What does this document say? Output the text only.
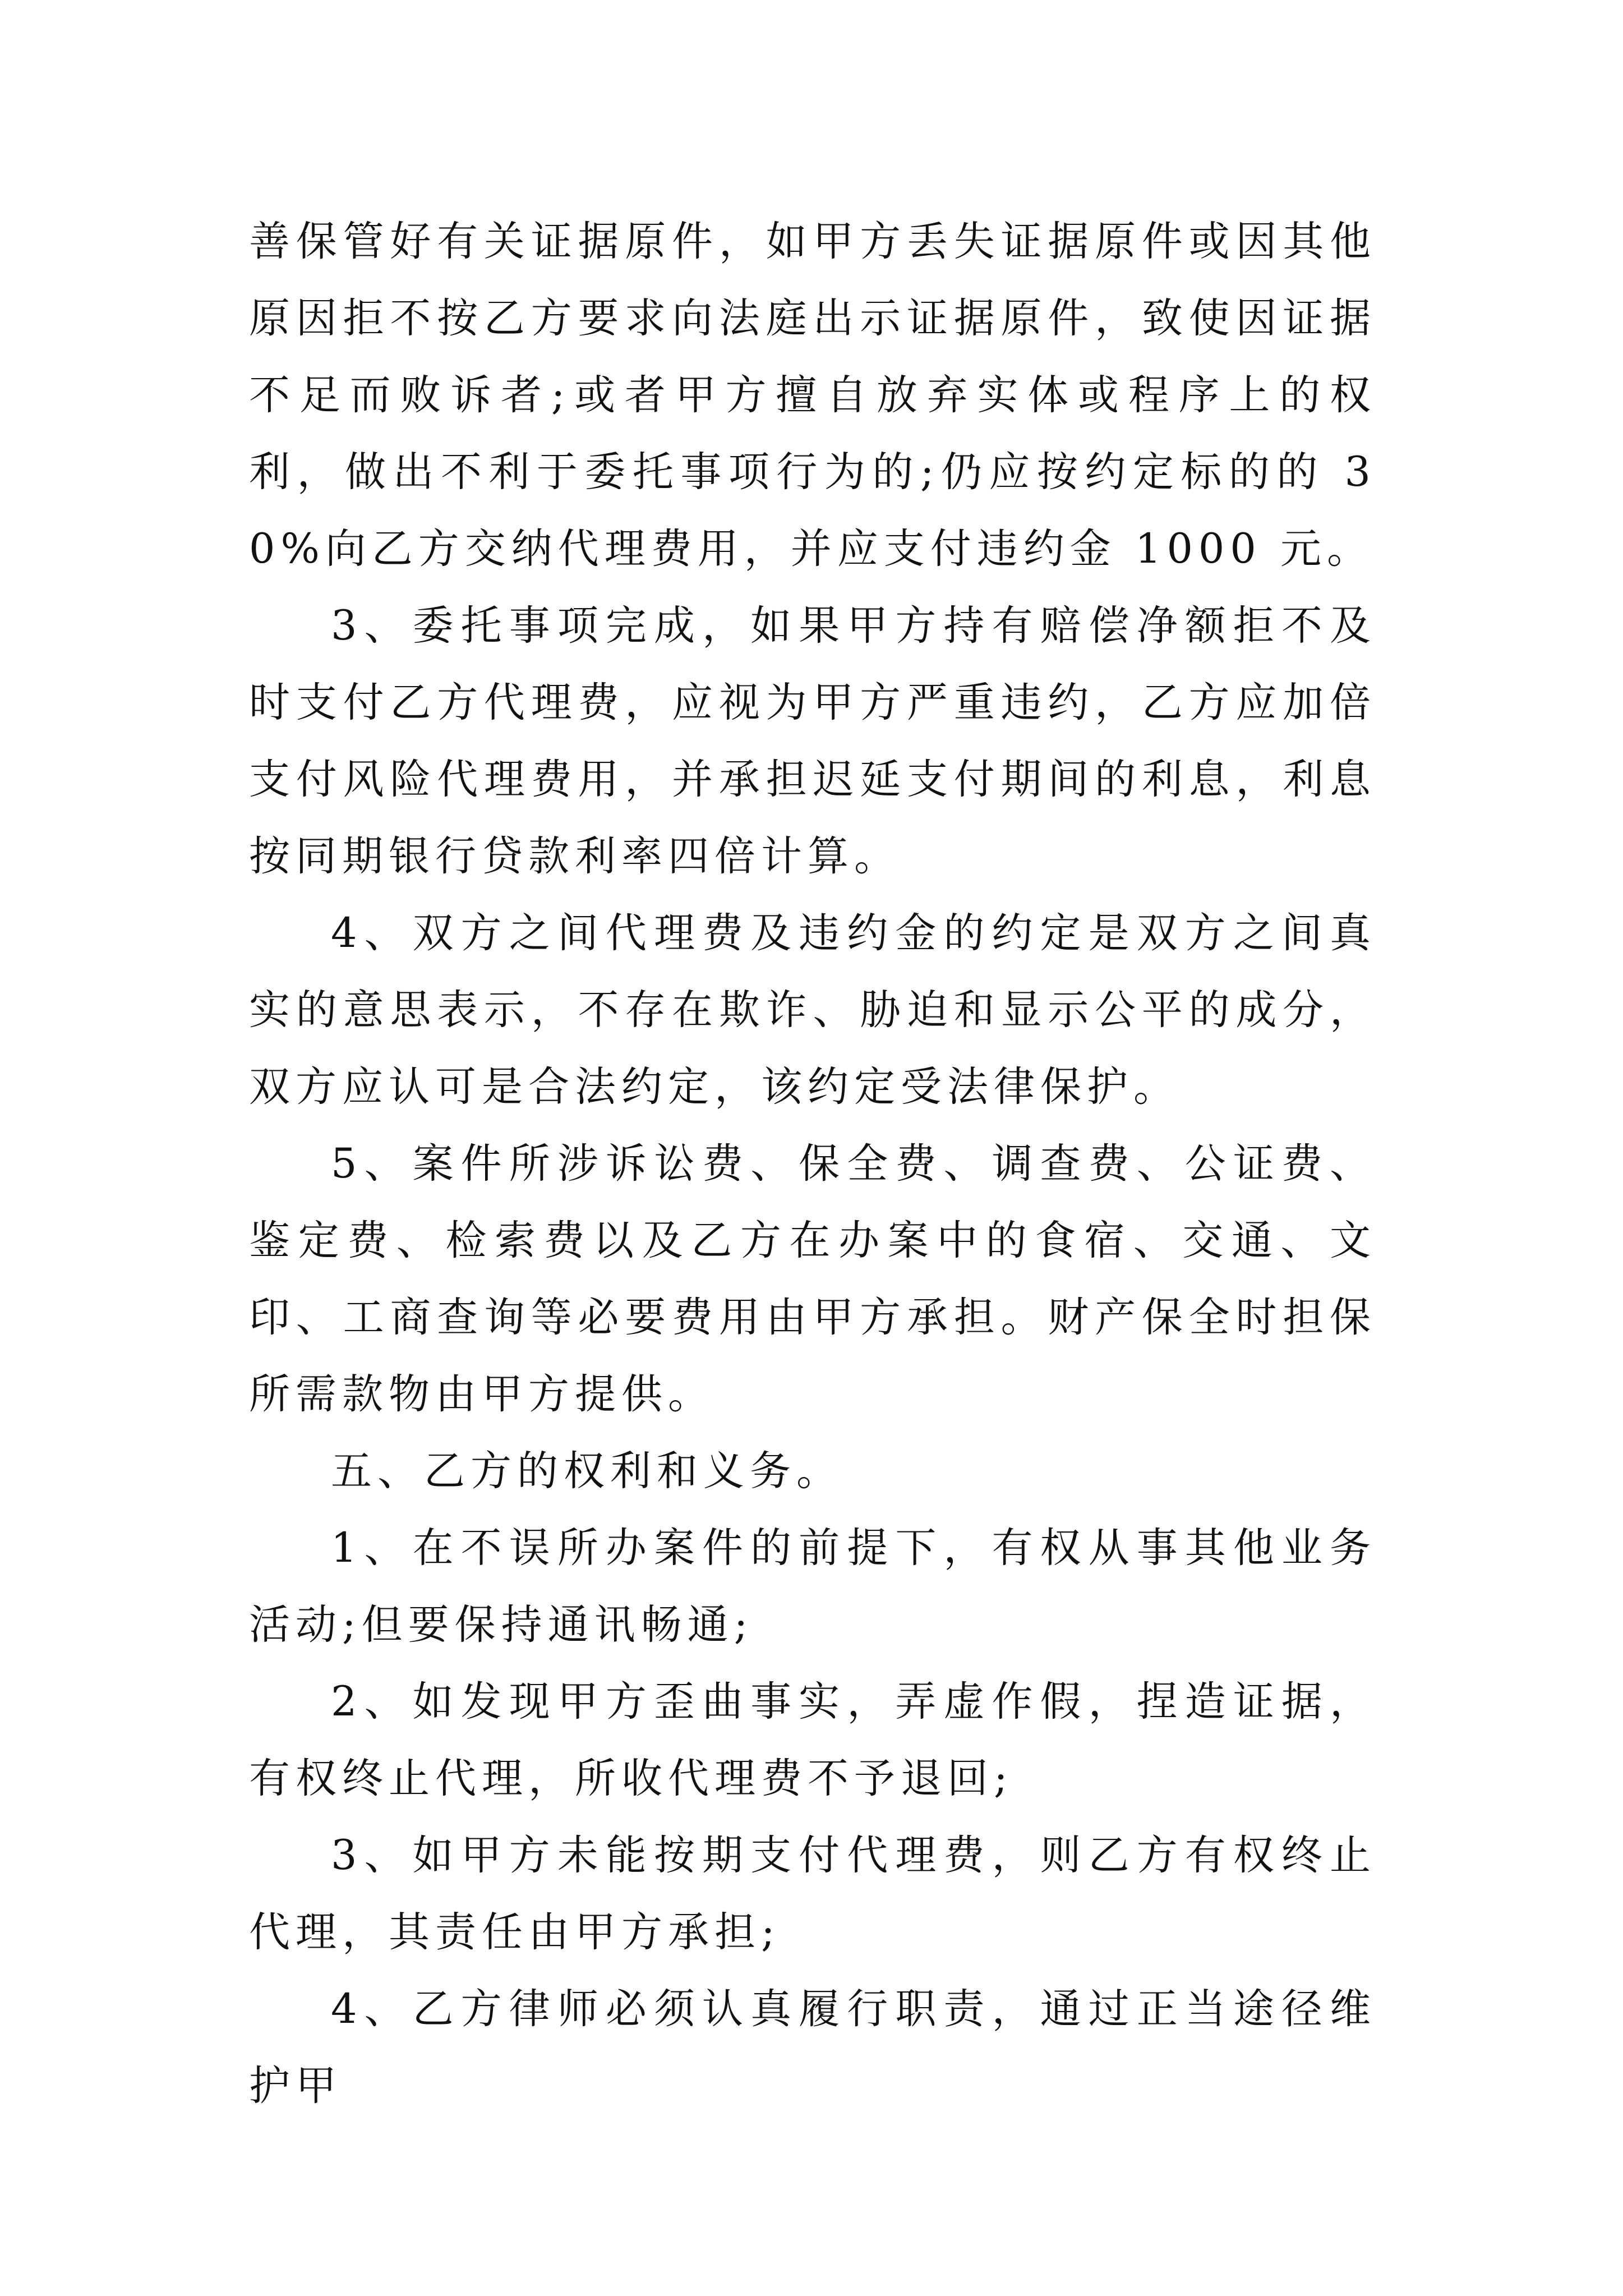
善保管好有关证据原件，如甲方丢失证据原件或因其他原因拒不按乙方要求向法庭出示证据原件，致使因证据不足而败诉者;或者甲方擅自放弃实体或程序上的权利，做出不利于委托事项行为的;仍应按约定标的的 30%向乙方交纳代理费用，并应支付违约金 1000 元。

3、委托事项完成，如果甲方持有赔偿净额拒不及时支付乙方代理费，应视为甲方严重违约，乙方应加倍支付风险代理费用，并承担迟延支付期间的利息，利息按同期银行贷款利率四倍计算。

4、双方之间代理费及违约金的约定是双方之间真实的意思表示，不存在欺诈、胁迫和显示公平的成分，双方应认可是合法约定，该约定受法律保护。

5、案件所涉诉讼费、保全费、调查费、公证费、鉴定费、检索费以及乙方在办案中的食宿、交通、文印、工商查询等必要费用由甲方承担。财产保全时担保所需款物由甲方提供。

五、乙方的权利和义务。

1、在不误所办案件的前提下，有权从事其他业务活动;但要保持通讯畅通;

2、如发现甲方歪曲事实，弄虚作假，捏造证据，有权终止代理，所收代理费不予退回;

3、如甲方未能按期支付代理费，则乙方有权终止代理，其责任由甲方承担;

4、乙方律师必须认真履行职责，通过正当途径维护甲
